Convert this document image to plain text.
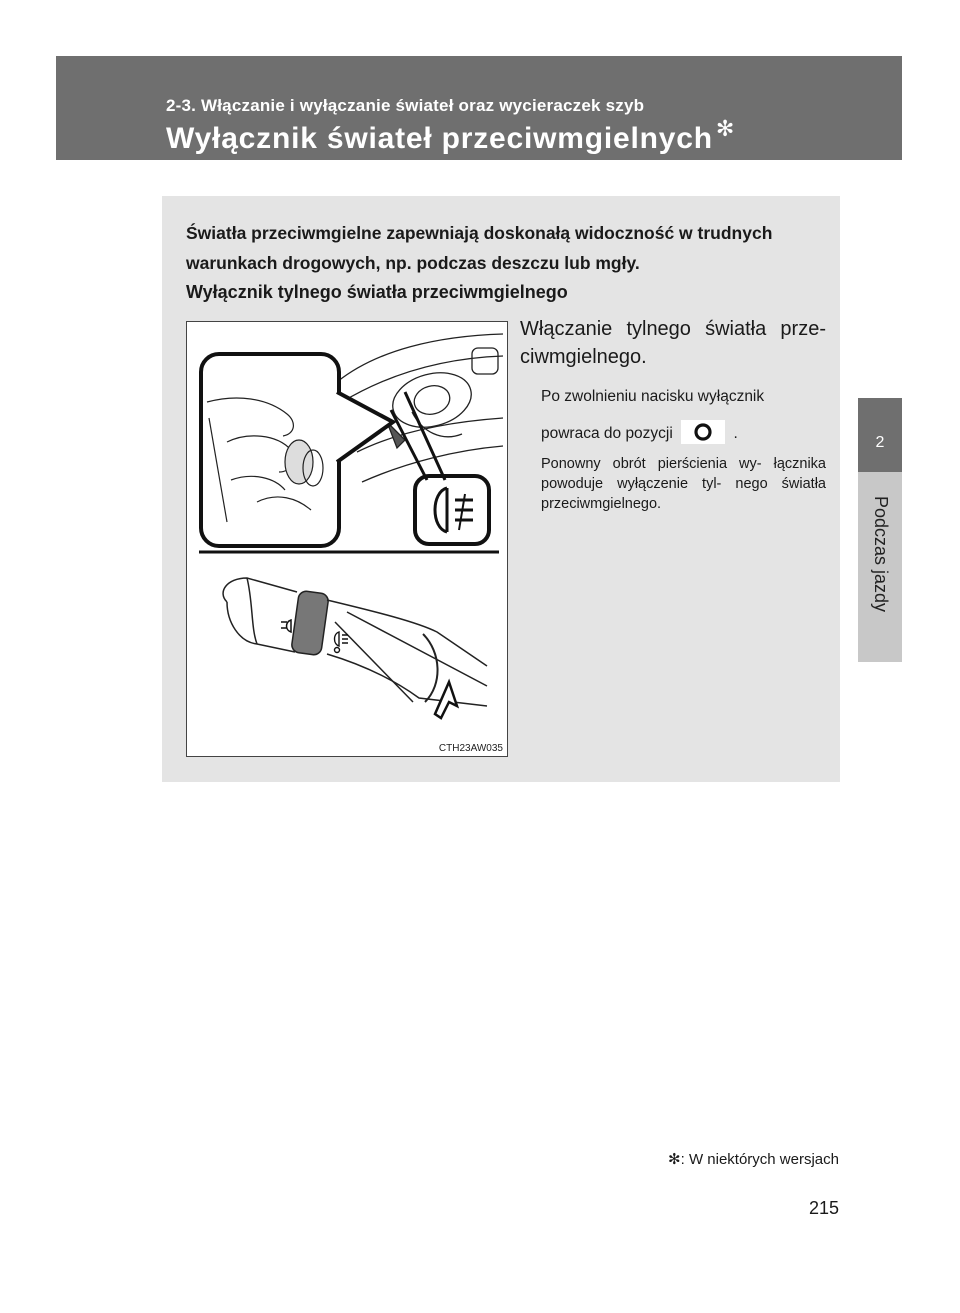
2-3. Włączanie i wyłączanie świateł oraz wycieraczek szyb
Wyłącznik świateł przeciwmgielnych ✻
2
Podczas jazdy
Światła przeciwmgielne zapewniają doskonałą widoczność w trudnych warunkach drogowych, np. podczas deszczu lub mgły.
Wyłącznik tylnego światła przeciwmgielnego
CTH23AW035
Włączanie tylnego światła prze- ciwmgielnego.
Po zwolnieniu nacisku wyłącznik
powraca do pozycji	.
Ponowny obrót pierścienia wy- łącznika powoduje wyłączenie tyl- nego światła przeciwmgielnego.
✻: W niektórych wersjach
215
